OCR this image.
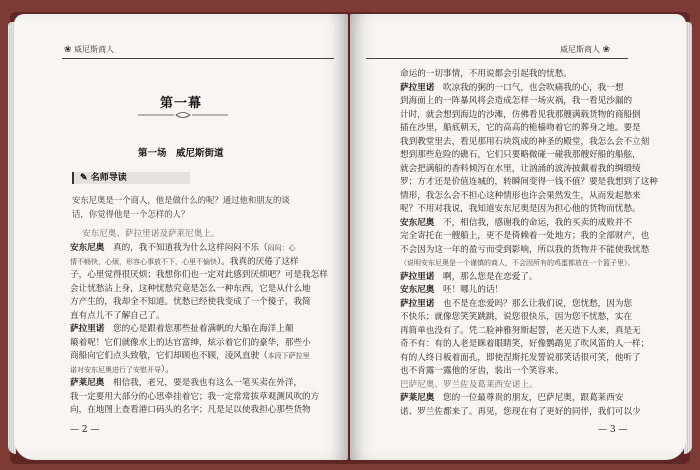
❀ 威尼斯商人	威尼斯商人 ❀
第一幕
第一场　威尼斯街道
✎ 名师导读

安东尼奥是一个商人，他是做什么的呢？通过他和朋友的谈

话，你觉得他是一个怎样的人？

安东尼奥、萨拉里诺及萨莱尼奥上。

安东尼奥　真的，我不知道我为什么这样闷闷不乐（闷闷：心

情不畅快，心烦，形容心事放不下，心里不愉快）。我真的厌倦了这样

子，心里觉得很厌烦；我想你们也一定对此感到厌烦吧？可是我怎样

会让忧愁沾上身，这种忧愁究竟是怎么一种东西，它是从什么地

方产生的，我却全不知道。忧愁已经使我变成了一个傻子，我简

直有点儿不了解自己了。

萨拉里诺　您的心是跟着您那些扯着满帆的大船在海洋上颠

簸着呢！它们就像水上的达官富绅，炫示着它们的豪华，那些小

商船向它们点头致敬，它们却顾也不顾，凌风直驶（本段下萨拉里

诺对安东尼奥进行了安慰开导）。

萨莱尼奥　相信我，老兄，要是我也有这么一笔买卖在外洋，

我一定要用大部分的心思牵挂着它；我一定常常拔草观测风吹的方

向，在地图上查看港口码头的名字；凡是足以使我担心那些货物

— 2 —

命运的一切事情，不用说都会引起我的忧愁。

萨拉里诺　吹凉我的粥的一口气，也会吹痛我的心，我一想

到海面上的一阵暴风将会造成怎样一场灾祸，我一看见沙漏的

计时，就会想到海边的沙滩，仿佛看见我那艘满载货物的商船倒

插在沙里，船底朝天，它的高高的桅樯吻着它的葬身之地。要是

我到教堂里去，看见那用石块筑成的神圣的殿堂，我怎么会不立刻

想到那些危险的礁石，它们只要略微碰一碰我那艘好船的船舷，

就会把满船的香料倾泻在水里，让汹涌的波涛披戴着我的绸缎绫

罗；方才还是价值连城的，转瞬间变得一钱不值？要是我想到了这种

情形，我怎么会不担心这种情形也许会果然发生，从而发起愁来

呢？不用对我说，我知道安东尼奥是因为担心他的货物而忧愁。

安东尼奥　不，相信我，感谢我的命运，我的买卖的成败并不

完全寄托在一艘船上，更不是倚赖着一处地方；我的全部财产，也

不会因为这一年的盈亏而受到影响，所以我的货物并不能使我忧愁

（说明安东尼奥是一个谨慎的商人，不会因所有的鸡蛋都放在一个篮子里）。

萨拉里诺　啊，那么您是在恋爱了。

安东尼奥　呸！哪儿的话！

萨拉里诺　也不是在恋爱吗？那么让我们说，您忧愁，因为您

不快乐；就像您笑笑跳跳，说您很快乐，因为您不忧愁，实在

再简单也没有了。凭二脸神雅努斯起誓，老天造下人来，真是无

奇不有：有的人老是眯着眼睛笑，好像鹦鹉见了吹风笛的人一样；

有的人终日板着面孔，即使涅斯托发誓说那笑话很可笑，他听了

也不肯露一露他的牙齿，装出一个笑容来。

巴萨尼奥、罗兰佐及葛莱西安诺上。

萨莱尼奥　您的一位最尊贵的朋友，巴萨尼奥，跟葛莱西安

诺、罗兰佐都来了。再见，您现在有了更好的同伴，我们可以少

— 3 —
